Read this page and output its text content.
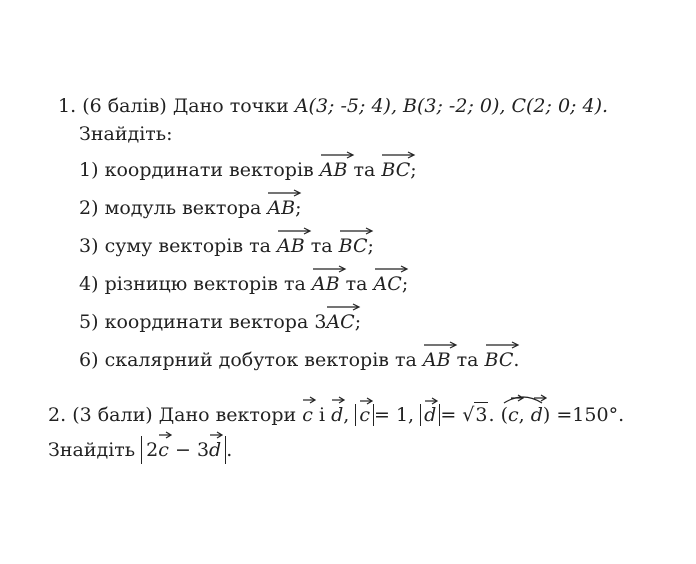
1. (6 балів) Дано точки A(3; -5; 4), B(3; -2; 0), C(2; 0; 4).
Знайдіть:
1) координати векторів AB та BC;
2) модуль вектора AB;
3) суму векторів та AB та BC;
4) різницю векторів та AB та AC;
5) координати вектора 3
AC;
6) скалярний добуток векторів та AB та BC.
2. (3 бали) Дано вектори c і d,
c = 1, d = √3. (
c,
d) =150°.
Знайдіть 2
c − 3
d .
